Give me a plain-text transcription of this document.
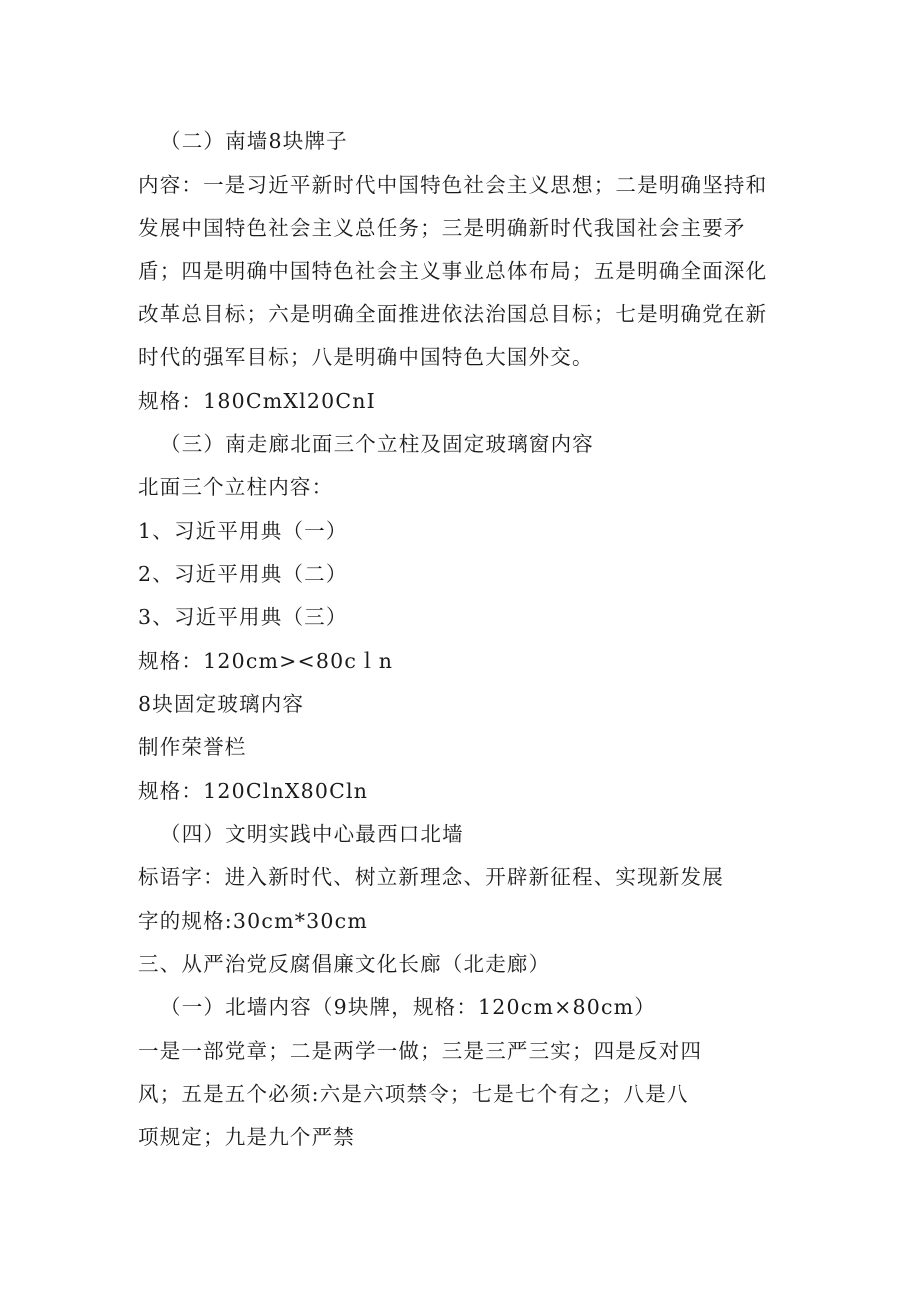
（二）南墙8块牌子
内容：一是习近平新时代中国特色社会主义思想；二是明确坚持和
发展中国特色社会主义总任务；三是明确新时代我国社会主要矛
盾；四是明确中国特色社会主义事业总体布局；五是明确全面深化
改革总目标；六是明确全面推进依法治国总目标；七是明确党在新
时代的强军目标；八是明确中国特色大国外交。
规格：180CmXl20CnI
（三）南走廊北面三个立柱及固定玻璃窗内容
北面三个立柱内容：
1、习近平用典（一）
2、习近平用典（二）
3、习近平用典（三）
规格：120cm><80cｌn
8块固定玻璃内容
制作荣誉栏
规格：120ClnX80Cln
（四）文明实践中心最西口北墙
标语字：进入新时代、树立新理念、开辟新征程、实现新发展
字的规格:30cm*30cm
三、从严治党反腐倡廉文化长廊（北走廊）
（一）北墙内容（9块牌，规格：120cm×80cm）
一是一部党章；二是两学一做；三是三严三实；四是反对四
风；五是五个必须:六是六项禁令；七是七个有之；八是八
项规定；九是九个严禁
